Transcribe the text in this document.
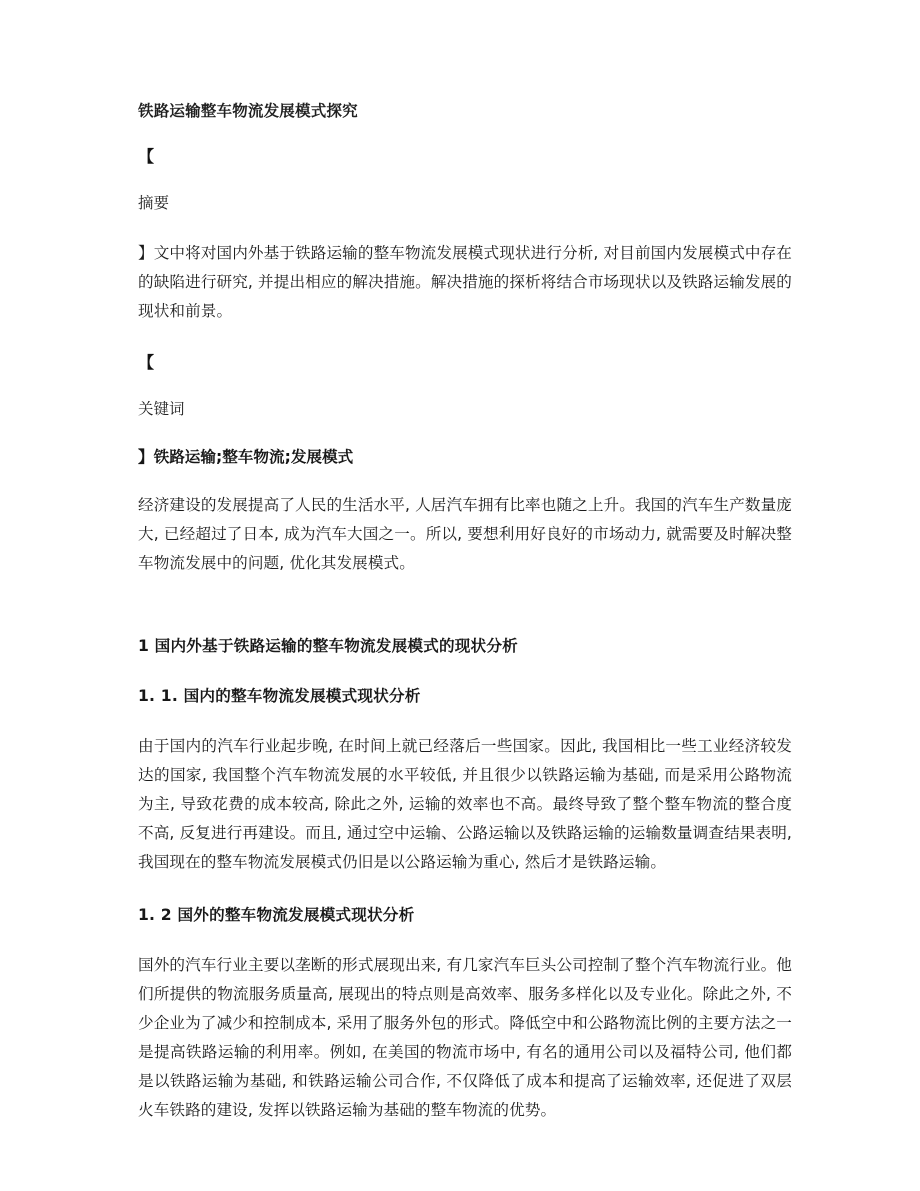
铁路运输整车物流发展模式探究

【

摘要

】文中将对国内外基于铁路运输的整车物流发展模式现状进行分析, 对目前国内发展模式中存在的缺陷进行研究, 并提出相应的解决措施。解决措施的探析将结合市场现状以及铁路运输发展的现状和前景。

【

关键词

】铁路运输;整车物流;发展模式

经济建设的发展提高了人民的生活水平, 人居汽车拥有比率也随之上升。我国的汽车生产数量庞大, 已经超过了日本, 成为汽车大国之一。所以, 要想利用好良好的市场动力, 就需要及时解决整车物流发展中的问题, 优化其发展模式。

1 国内外基于铁路运输的整车物流发展模式的现状分析

1. 1. 国内的整车物流发展模式现状分析

由于国内的汽车行业起步晚, 在时间上就已经落后一些国家。因此, 我国相比一些工业经济较发达的国家, 我国整个汽车物流发展的水平较低, 并且很少以铁路运输为基础, 而是采用公路物流为主, 导致花费的成本较高, 除此之外, 运输的效率也不高。最终导致了整个整车物流的整合度不高, 反复进行再建设。而且, 通过空中运输、公路运输以及铁路运输的运输数量调查结果表明, 我国现在的整车物流发展模式仍旧是以公路运输为重心, 然后才是铁路运输。

1. 2 国外的整车物流发展模式现状分析

国外的汽车行业主要以垄断的形式展现出来, 有几家汽车巨头公司控制了整个汽车物流行业。他们所提供的物流服务质量高, 展现出的特点则是高效率、服务多样化以及专业化。除此之外, 不少企业为了减少和控制成本, 采用了服务外包的形式。降低空中和公路物流比例的主要方法之一是提高铁路运输的利用率。例如, 在美国的物流市场中, 有名的通用公司以及福特公司, 他们都是以铁路运输为基础, 和铁路运输公司合作, 不仅降低了成本和提高了运输效率, 还促进了双层火车铁路的建设, 发挥以铁路运输为基础的整车物流的优势。
